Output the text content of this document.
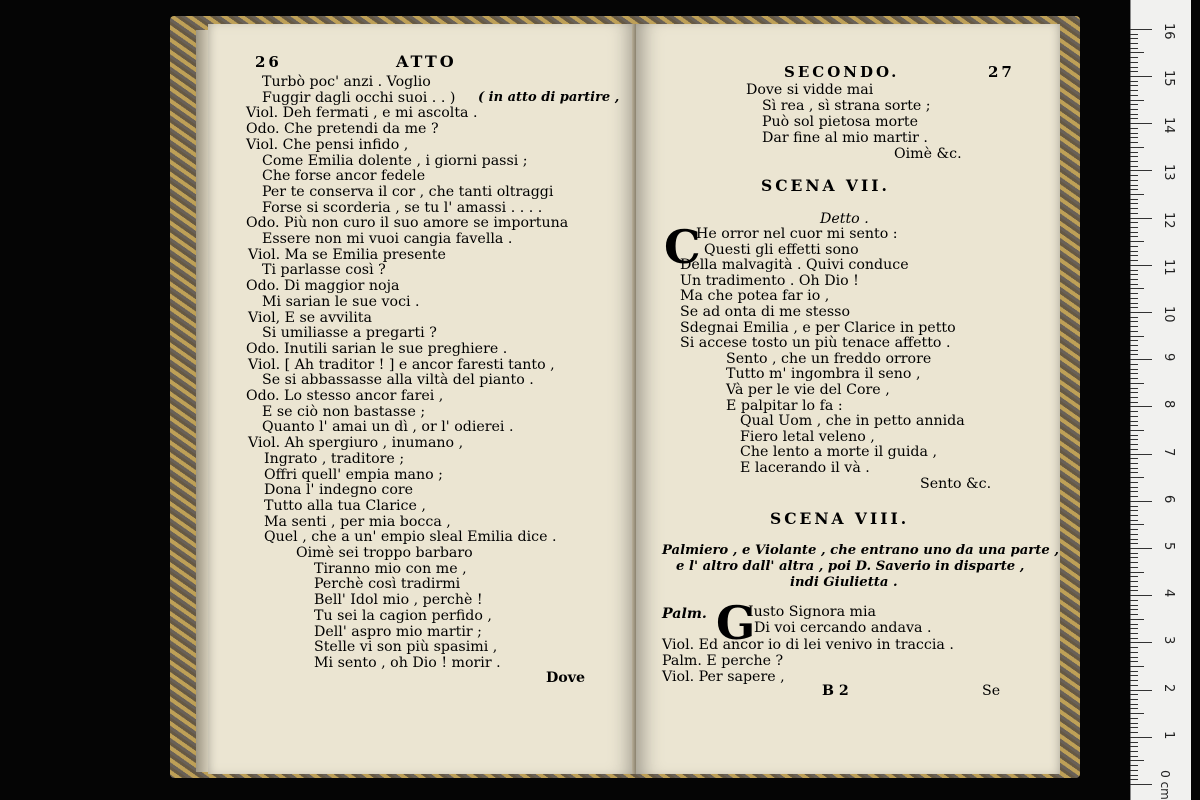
26	ATTO
Turbò poc' anzi . Voglio
Fuggir dagli occhi suoi . . )
Viol. Deh fermati , e mi ascolta .
Odo. Che pretendi da me ?
Viol. Che pensi infido ,
Come Emilia dolente , i giorni passi ;
Che forse ancor fedele
Per te conserva il cor , che tanti oltraggi
Forse si scorderia , se tu l' amassi . . . .
Odo. Più non curo il suo amore se importuna
Essere non mi vuoi cangia favella .
Viol. Ma se Emilia presente
Ti parlasse così ?
Odo. Di maggior noja
Mi sarian le sue voci .
Viol, E se avvilita
Si umiliasse a pregarti ?
Odo. Inutili sarian le sue preghiere .
Viol. [ Ah traditor ! ] e ancor faresti tanto ,
Se si abbassasse alla viltà del pianto .
Odo. Lo stesso ancor farei ,
E se ciò non bastasse ;
Quanto l' amai un dì , or l' odierei .
Viol. Ah spergiuro , inumano ,
Ingrato , traditore ;
Offri quell' empia mano ;
Dona l' indegno core
Tutto alla tua Clarice ,
Ma senti , per mia bocca ,
Quel , che a un' empio sleal Emilia dice .
Oimè sei troppo barbaro
Tiranno mio con me ,
Perchè così tradirmi
Bell' Idol mio , perchè !
Tu sei la cagion perfido ,
Dell' aspro mio martir ;
Stelle vi son più spasimi ,
Mi sento , oh Dio ! morir .
( in atto di partire ,
Dove
SECONDO.	27
Dove si vidde mai
Sì rea , sì strana sorte ;
Può sol pietosa morte
Dar fine al mio martir .
Oimè &c.
SCENA VII.
Detto .
C
He orror nel cuor mi sento :
Questi gli effetti sono
Della malvagità . Quivi conduce
Un tradimento . Oh Dio !
Ma che potea far io ,
Se ad onta di me stesso
Sdegnai Emilia , e per Clarice in petto
Si accese tosto un più tenace affetto .
Sento , che un freddo orrore
Tutto m' ingombra il seno ,
Và per le vie del Core ,
E palpitar lo fa :
Qual Uom , che in petto annida
Fiero letal veleno ,
Che lento a morte il guida ,
E lacerando il và .
Sento &c.
SCENA VIII.
Palmiero , e Violante , che entrano uno da una parte ,
e l' altro dall' altra , poi D. Saverio in disparte ,
indi Giulietta .
G
Palm.	Iusto Signora mia
Di voi cercando andava .
Viol. Ed ancor io di lei venivo in traccia .
Palm. E perche ?
Viol. Per sapere ,
B 2	Se
16
15
14
13
12
11
10
9
8
7
6
5
4
3
2
1
0 cm
